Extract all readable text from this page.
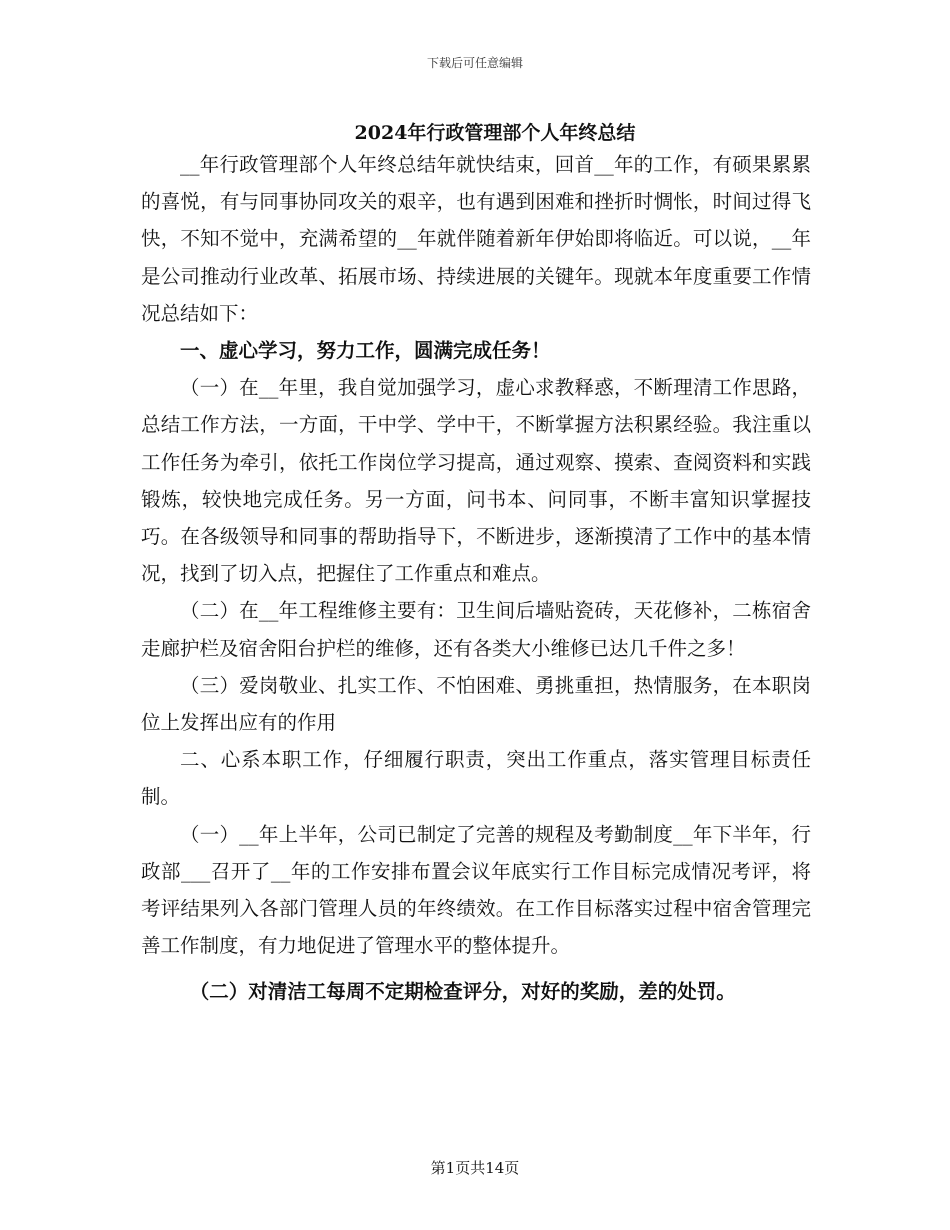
下载后可任意编辑
2024年行政管理部个人年终总结

__年行政管理部个人年终总结年就快结束，回首__年的工作，有硕果累累的喜悦，有与同事协同攻关的艰辛，也有遇到困难和挫折时惆怅，时间过得飞快，不知不觉中，充满希望的__年就伴随着新年伊始即将临近。可以说，__年是公司推动行业改革、拓展市场、持续进展的关键年。现就本年度重要工作情况总结如下：

一、虚心学习，努力工作，圆满完成任务！

（一）在__年里，我自觉加强学习，虚心求教释惑，不断理清工作思路，总结工作方法，一方面，干中学、学中干，不断掌握方法积累经验。我注重以工作任务为牵引，依托工作岗位学习提高，通过观察、摸索、查阅资料和实践锻炼，较快地完成任务。另一方面，问书本、问同事，不断丰富知识掌握技巧。在各级领导和同事的帮助指导下，不断进步，逐渐摸清了工作中的基本情况，找到了切入点，把握住了工作重点和难点。

（二）在__年工程维修主要有：卫生间后墙贴瓷砖，天花修补，二栋宿舍走廊护栏及宿舍阳台护栏的维修，还有各类大小维修已达几千件之多！

（三）爱岗敬业、扎实工作、不怕困难、勇挑重担，热情服务，在本职岗位上发挥出应有的作用

二、心系本职工作，仔细履行职责，突出工作重点，落实管理目标责任制。

（一）__年上半年，公司已制定了完善的规程及考勤制度__年下半年，行政部___召开了__年的工作安排布置会议年底实行工作目标完成情况考评，将考评结果列入各部门管理人员的年终绩效。在工作目标落实过程中宿舍管理完善工作制度，有力地促进了管理水平的整体提升。

（二）对清洁工每周不定期检查评分，对好的奖励，差的处罚。

第1页共14页
